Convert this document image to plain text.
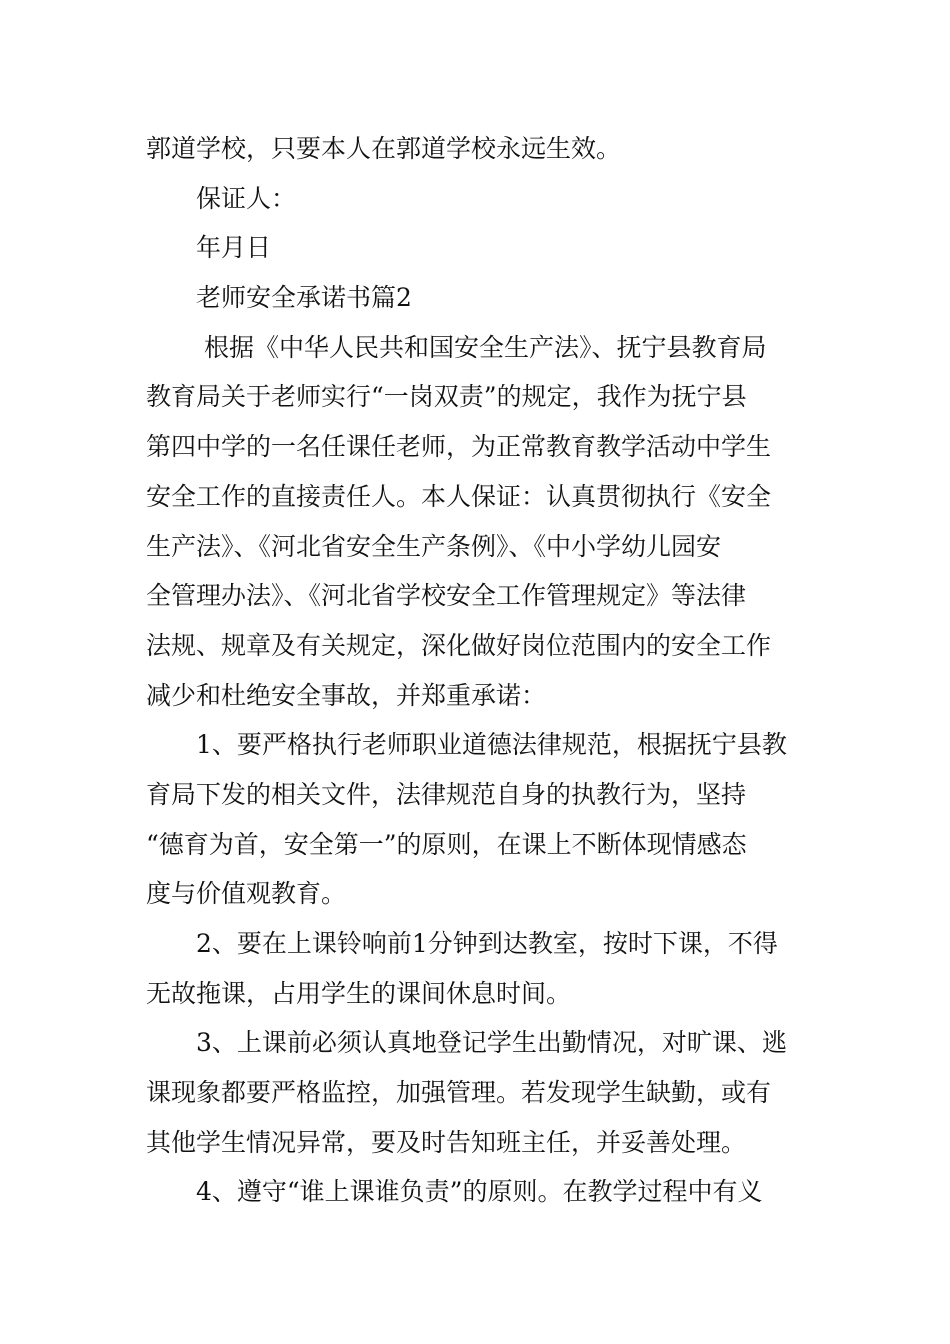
郭道学校，只要本人在郭道学校永远生效。
保证人：
年月日
老师安全承诺书篇2
根据《中华人民共和国安全生产法》、抚宁县教育局
教育局关于老师实行“一岗双责”的规定，我作为抚宁县
第四中学的一名任课任老师，为正常教育教学活动中学生
安全工作的直接责任人。本人保证：认真贯彻执行《安全
生产法》、《河北省安全生产条例》、《中小学幼儿园安
全管理办法》、《河北省学校安全工作管理规定》等法律
法规、规章及有关规定，深化做好岗位范围内的安全工作
减少和杜绝安全事故，并郑重承诺：
1、要严格执行老师职业道德法律规范，根据抚宁县教
育局下发的相关文件，法律规范自身的执教行为，坚持
“德育为首，安全第一”的原则，在课上不断体现情感态
度与价值观教育。
2、要在上课铃响前1分钟到达教室，按时下课，不得
无故拖课，占用学生的课间休息时间。
3、上课前必须认真地登记学生出勤情况，对旷课、逃
课现象都要严格监控，加强管理。若发现学生缺勤，或有
其他学生情况异常，要及时告知班主任，并妥善处理。
4、遵守“谁上课谁负责”的原则。在教学过程中有义
